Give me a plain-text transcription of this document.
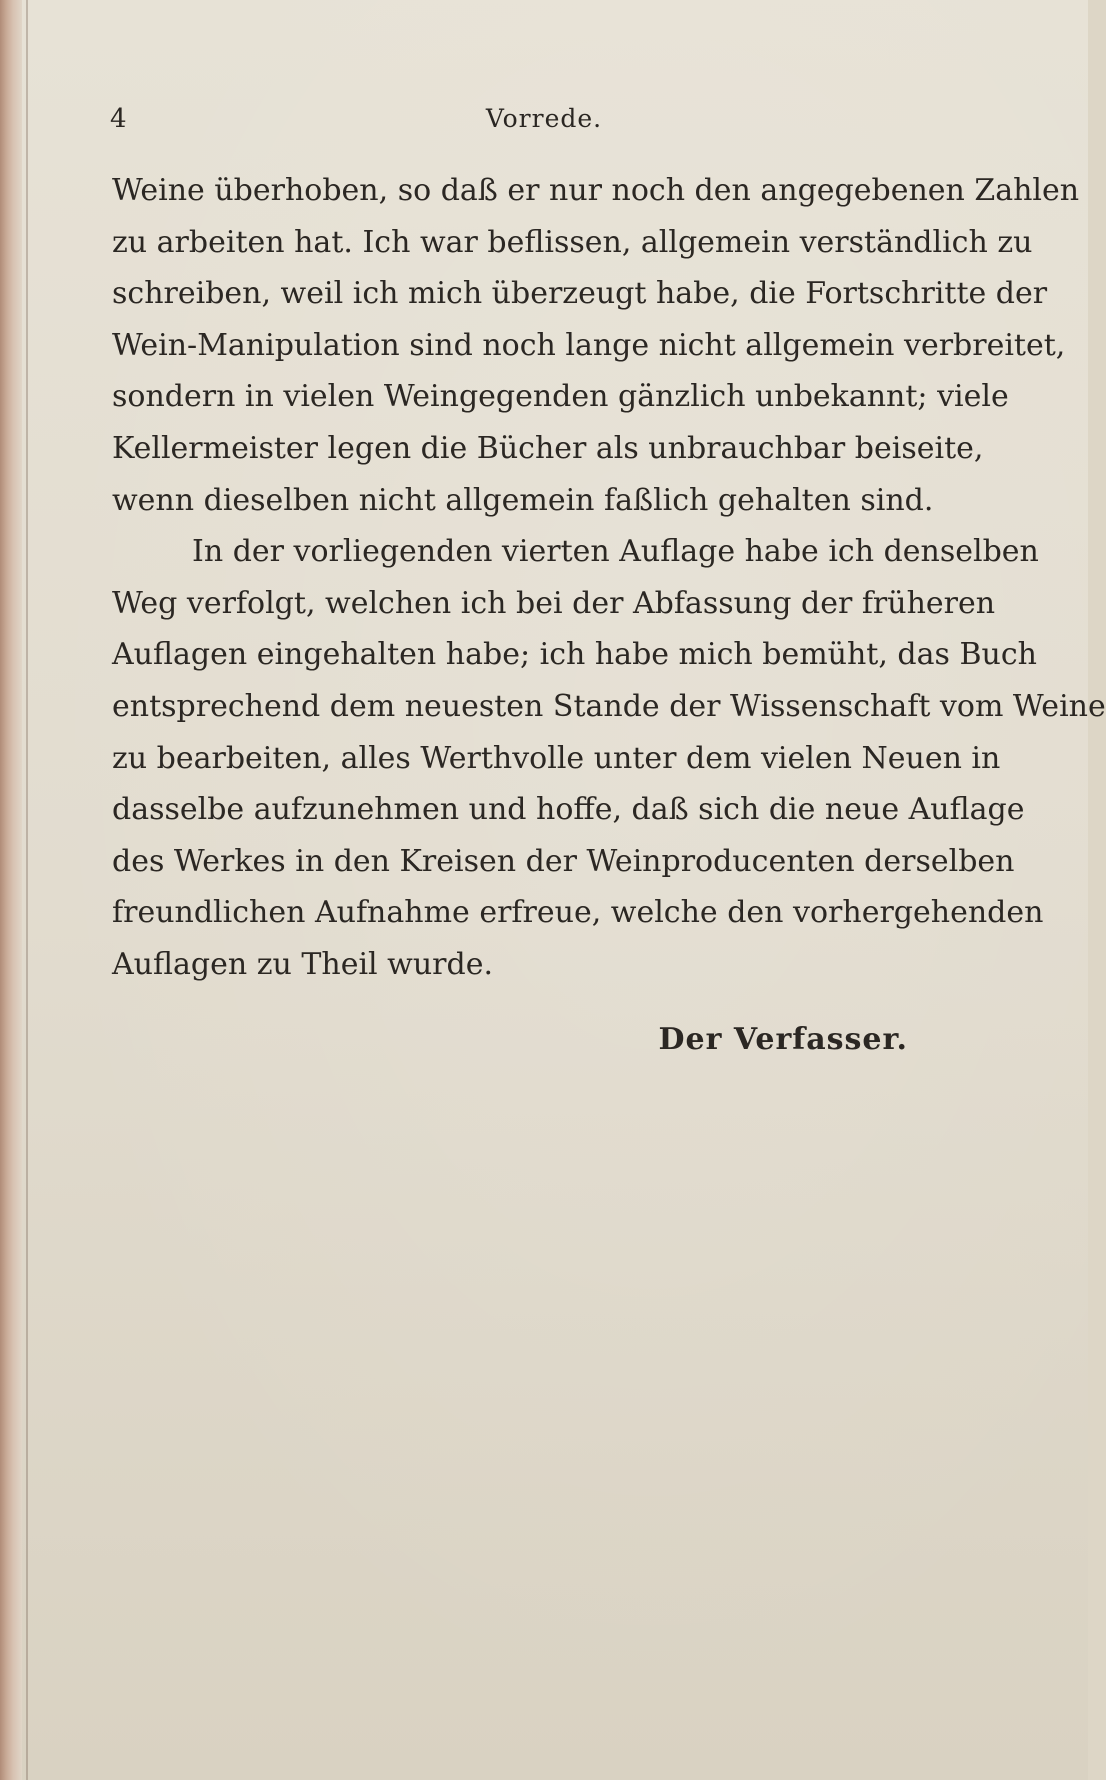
4	Vorrede.
Weine überhoben, so daß er nur noch den angegebenen Zahlen
zu arbeiten hat. Ich war beflissen, allgemein verständlich zu
schreiben, weil ich mich überzeugt habe, die Fortschritte der
Wein-Manipulation sind noch lange nicht allgemein verbreitet,
sondern in vielen Weingegenden gänzlich unbekannt; viele
Kellermeister legen die Bücher als unbrauchbar beiseite,
wenn dieselben nicht allgemein faßlich gehalten sind.
In der vorliegenden vierten Auflage habe ich denselben
Weg verfolgt, welchen ich bei der Abfassung der früheren
Auflagen eingehalten habe; ich habe mich bemüht, das Buch
entsprechend dem neuesten Stande der Wissenschaft vom Weine
zu bearbeiten, alles Werthvolle unter dem vielen Neuen in
dasselbe aufzunehmen und hoffe, daß sich die neue Auflage
des Werkes in den Kreisen der Weinproducenten derselben
freundlichen Aufnahme erfreue, welche den vorhergehenden
Auflagen zu Theil wurde.
Der Verfasser.
